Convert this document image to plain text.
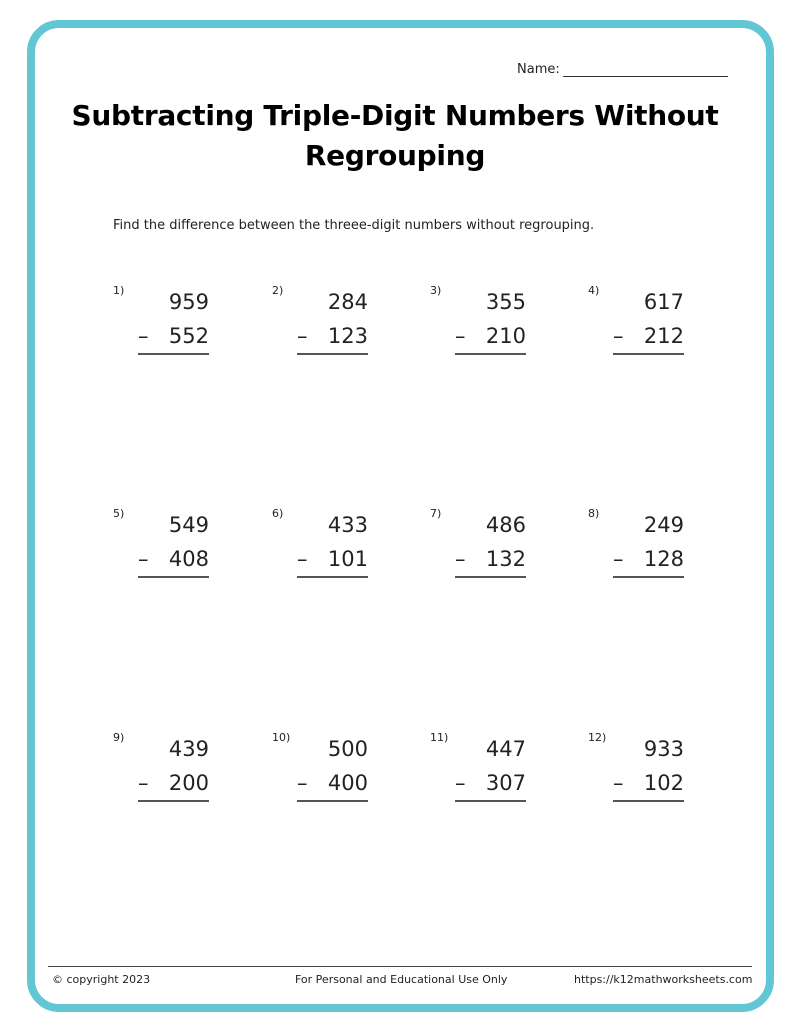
Name:
Subtracting Triple-Digit Numbers Without Regrouping
Find the difference between the threee-digit numbers without regrouping.
1)	959
– 552
2)	284
– 123
3)	355
– 210
4)	617
– 212
5)	549
– 408
6)	433
– 101
7)	486
– 132
8)	249
– 128
9)	439
– 200
10)	500
– 400
11)	447
– 307
12)	933
– 102
© copyright 2023	For Personal and Educational Use Only	https://k12mathworksheets.com
